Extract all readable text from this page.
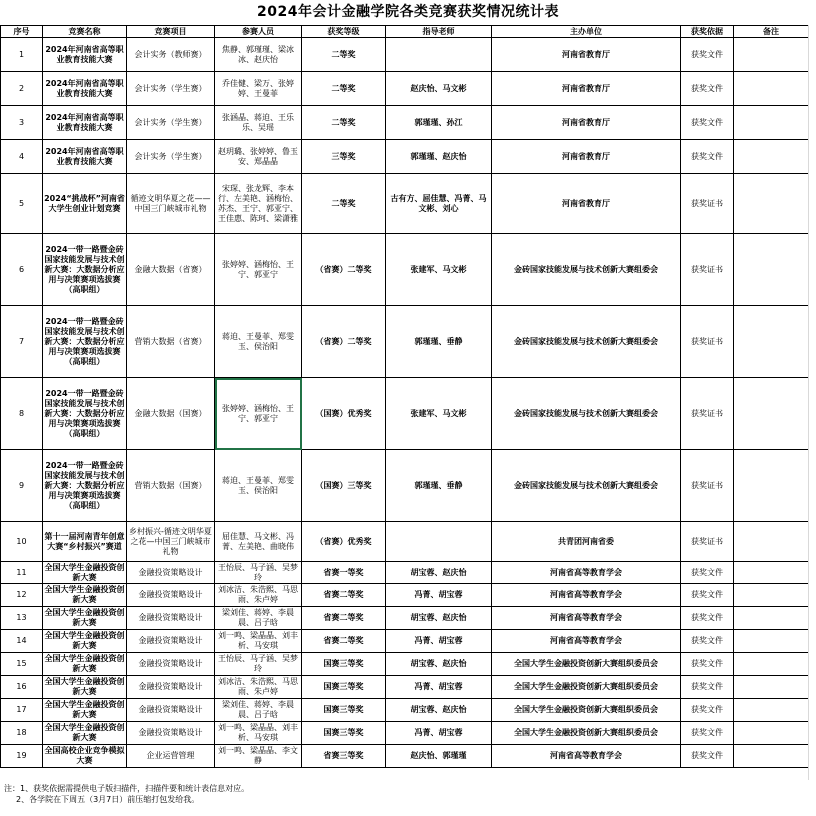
2024年会计金融学院各类竞赛获奖情况统计表
序号	竞赛名称	竞赛项目	参赛人员	获奖等级	指导老师	主办单位	获奖依据	备注
1	2024年河南省高等职业教育技能大赛	会计实务（教师赛）	焦静、郭瑾瑾、梁冰冰、赵庆怡	二等奖		河南省教育厅	获奖文件	
2	2024年河南省高等职业教育技能大赛	会计实务（学生赛）	乔佳健、梁万、张婷婷、王曼菲	二等奖	赵庆怡、马文彬	河南省教育厅	获奖文件	
3	2024年河南省高等职业教育技能大赛	会计实务（学生赛）	张涵晶、蒋迫、王乐乐、吴瑶	二等奖	郭瑾瑾、孙江	河南省教育厅	获奖文件	
4	2024年河南省高等职业教育技能大赛	会计实务（学生赛）	赵玥璐、张婷婷、鲁玉安、郑晶晶	三等奖	郭瑾瑾、赵庆怡	河南省教育厅	获奖文件	
5	2024“挑战杯”河南省大学生创业计划竞赛	循迹文明华夏之花——中国三门峡城市礼物	宋琛、张龙辉、李本行、左美艳、涵梅怡、苏杰、王宁、郭亚宁、王佳惠、陈珂、梁潇雅	二等奖	古有方、屈佳慧、冯菁、马文彬、刘心	河南省教育厅	获奖证书	
6	2024一带一路暨金砖国家技能发展与技术创新大赛：大数据分析应用与决策赛项选拔赛（高职组）	金融大数据（省赛）	张婷婷、涵梅怡、王宁、郭亚宁	（省赛）二等奖	张建军、马文彬	金砖国家技能发展与技术创新大赛组委会	获奖证书	
7	2024一带一路暨金砖国家技能发展与技术创新大赛：大数据分析应用与决策赛项选拔赛（高职组）	营销大数据（省赛）	蒋迫、王曼菲、郑雯玉、侯治阳	（省赛）二等奖	郭瑾瑾、垂静	金砖国家技能发展与技术创新大赛组委会	获奖证书	
8	2024一带一路暨金砖国家技能发展与技术创新大赛：大数据分析应用与决策赛项选拔赛（高职组）	金融大数据（国赛）	张婷婷、涵梅怡、王宁、郭亚宁	（国赛）优秀奖	张建军、马文彬	金砖国家技能发展与技术创新大赛组委会	获奖证书	
9	2024一带一路暨金砖国家技能发展与技术创新大赛：大数据分析应用与决策赛项选拔赛（高职组）	营销大数据（国赛）	蒋迫、王曼菲、郑雯玉、侯治阳	（国赛）三等奖	郭瑾瑾、垂静	金砖国家技能发展与技术创新大赛组委会	获奖证书	
10	第十一届河南青年创意大赛“乡村振兴”赛道	乡村振兴-循迹文明华夏之花—中国三门峡城市礼物	屈佳慧、马文彬、冯菁、左美艳、曲晓伟	（省赛）优秀奖		共青团河南省委	获奖证书	
11	全国大学生金融投资创新大赛	金融投资策略设计	王怡辰、马子涵、吴梦玲	省赛一等奖	胡宝蓉、赵庆怡	河南省高等教育学会	获奖文件	
12	全国大学生金融投资创新大赛	金融投资策略设计	刘冰洁、朱浩熙、马思雨、朱卢婷	省赛二等奖	冯菁、胡宝蓉	河南省高等教育学会	获奖文件	
13	全国大学生金融投资创新大赛	金融投资策略设计	梁刘佳、蒋婷、李晨晨、吕子晗	省赛二等奖	胡宝蓉、赵庆怡	河南省高等教育学会	获奖文件	
14	全国大学生金融投资创新大赛	金融投资策略设计	刘一鸣、梁晶晶、刘丰析、马安琪	省赛二等奖	冯菁、胡宝蓉	河南省高等教育学会	获奖文件	
15	全国大学生金融投资创新大赛	金融投资策略设计	王怡辰、马子涵、吴梦玲	国赛三等奖	胡宝蓉、赵庆怡	全国大学生金融投资创新大赛组织委员会	获奖文件	
16	全国大学生金融投资创新大赛	金融投资策略设计	刘冰洁、朱浩熙、马思雨、朱卢婷	国赛三等奖	冯菁、胡宝蓉	全国大学生金融投资创新大赛组织委员会	获奖文件	
17	全国大学生金融投资创新大赛	金融投资策略设计	梁刘佳、蒋婷、李晨晨、吕子晗	国赛三等奖	胡宝蓉、赵庆怡	全国大学生金融投资创新大赛组织委员会	获奖文件	
18	全国大学生金融投资创新大赛	金融投资策略设计	刘一鸣、梁晶晶、刘丰析、马安琪	国赛三等奖	冯菁、胡宝蓉	全国大学生金融投资创新大赛组织委员会	获奖文件	
19	全国高校企业竞争模拟大赛	企业运营管理	刘一鸣、梁晶晶、李文静	省赛三等奖	赵庆怡、郭瑾瑾	河南省高等教育学会	获奖文件	
注：1、获奖依据需提供电子版扫描件，扫描件要和统计表信息对应。
2、各学院在下周五（3月7日）前压缩打包发给我。
